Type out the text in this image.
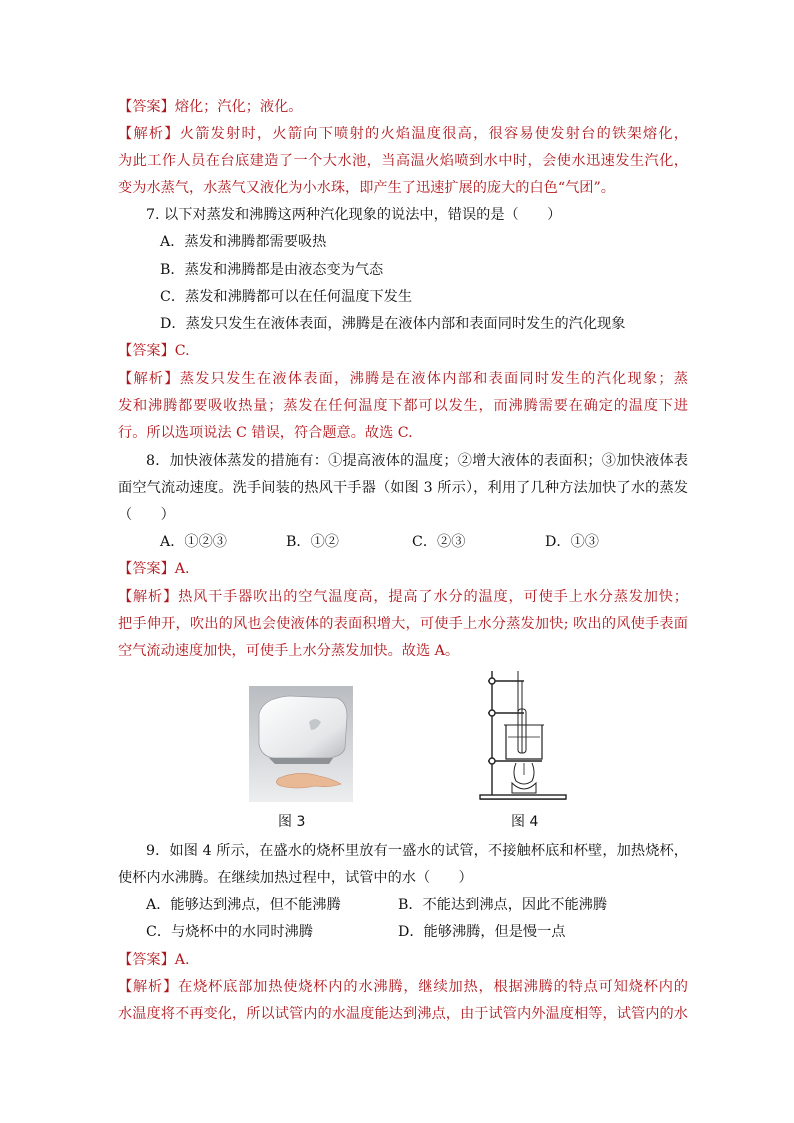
【答案】熔化；汽化；液化。
【解析】火箭发射时，火箭向下喷射的火焰温度很高，很容易使发射台的铁架熔化，
为此工作人员在台底建造了一个大水池，当高温火焰喷到水中时，会使水迅速发生汽化，
变为水蒸气，水蒸气又液化为小水珠，即产生了迅速扩展的庞大的白色“气团”。
7. 以下对蒸发和沸腾这两种汽化现象的说法中，错误的是（　　）
A．蒸发和沸腾都需要吸热
B．蒸发和沸腾都是由液态变为气态
C．蒸发和沸腾都可以在任何温度下发生
D．蒸发只发生在液体表面，沸腾是在液体内部和表面同时发生的汽化现象
【答案】C.
【解析】蒸发只发生在液体表面，沸腾是在液体内部和表面同时发生的汽化现象；蒸
发和沸腾都要吸收热量；蒸发在任何温度下都可以发生，而沸腾需要在确定的温度下进
行。所以选项说法 C 错误，符合题意。故选 C.
8．加快液体蒸发的措施有：①提高液体的温度；②增大液体的表面积；③加快液体表
面空气流动速度。洗手间装的热风干手器（如图 3 所示），利用了几种方法加快了水的蒸发
（　　）
A．①②③	B．①②	C．②③	D．①③
【答案】A.
【解析】热风干手器吹出的空气温度高，提高了水分的温度，可使手上水分蒸发加快；
把手伸开，吹出的风也会使液体的表面积增大，可使手上水分蒸发加快; 吹出的风使手表面
空气流动速度加快，可使手上水分蒸发加快。故选 A。
图 3	图 4
9．如图 4 所示，在盛水的烧杯里放有一盛水的试管，不接触杯底和杯壁，加热烧杯，
使杯内水沸腾。在继续加热过程中，试管中的水（　　）
A．能够达到沸点，但不能沸腾	B．不能达到沸点，因此不能沸腾
C．与烧杯中的水同时沸腾	D．能够沸腾，但是慢一点
【答案】A.
【解析】在烧杯底部加热使烧杯内的水沸腾，继续加热，根据沸腾的特点可知烧杯内的
水温度将不再变化，所以试管内的水温度能达到沸点，由于试管内外温度相等，试管内的水
